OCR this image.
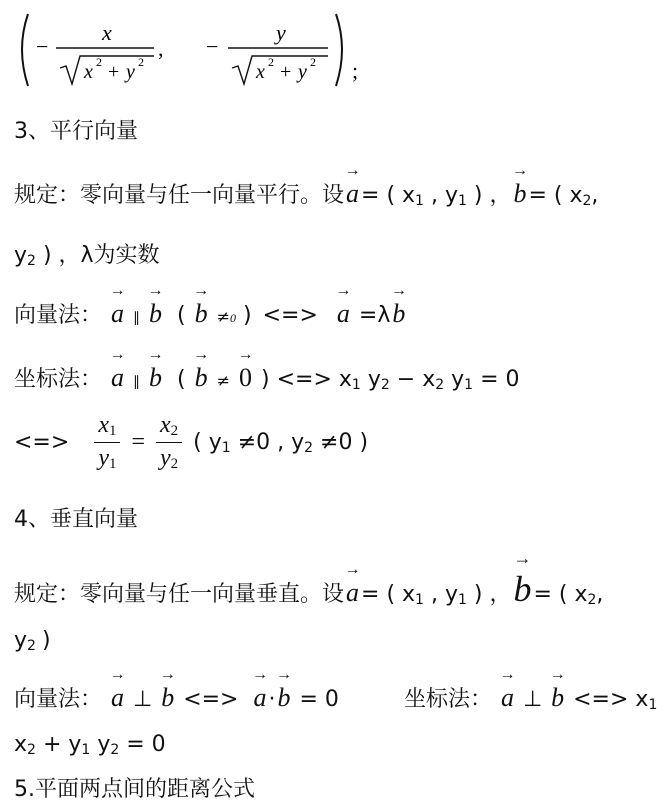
−
x
x 2 + y 2
, −
y
x 2 + y 2 ;
3、平行向量
规定：零向量与任一向量平行。设
→
a= ( $x_1$ , $y_1$ ) ，
→
b= ( $x_2$,
$y_2$ ) ，λ为实数
向量法：
→
a ∥
→
b (
→
b ≠0 ) <=>
→
a =λ
→
b
坐标法：
→
a ∥
→
b (
→
b ≠
→
0 ) <=> $x_1$ $y_2 - x_2$ $y_1 = 0$
<=> $\frac{x_1}{y_1} = \frac{x_2}{y_2}$ ( $y_1 \ne 0$ , $y_2 \ne 0$ )
4、垂直向量
规定：零向量与任一向量垂直。设
→
a= ( $x_1$ , $y_1$ ) ，
→
b= ( $x_2$,
$y_2$ )
向量法：
→
a ⊥
→
b <=>
→
a·
→
b = 0	坐标法：
→
a ⊥
→
b <=> $x_1$
$x_2 + y_1$ $y_2 = 0$
5.平面两点间的距离公式
